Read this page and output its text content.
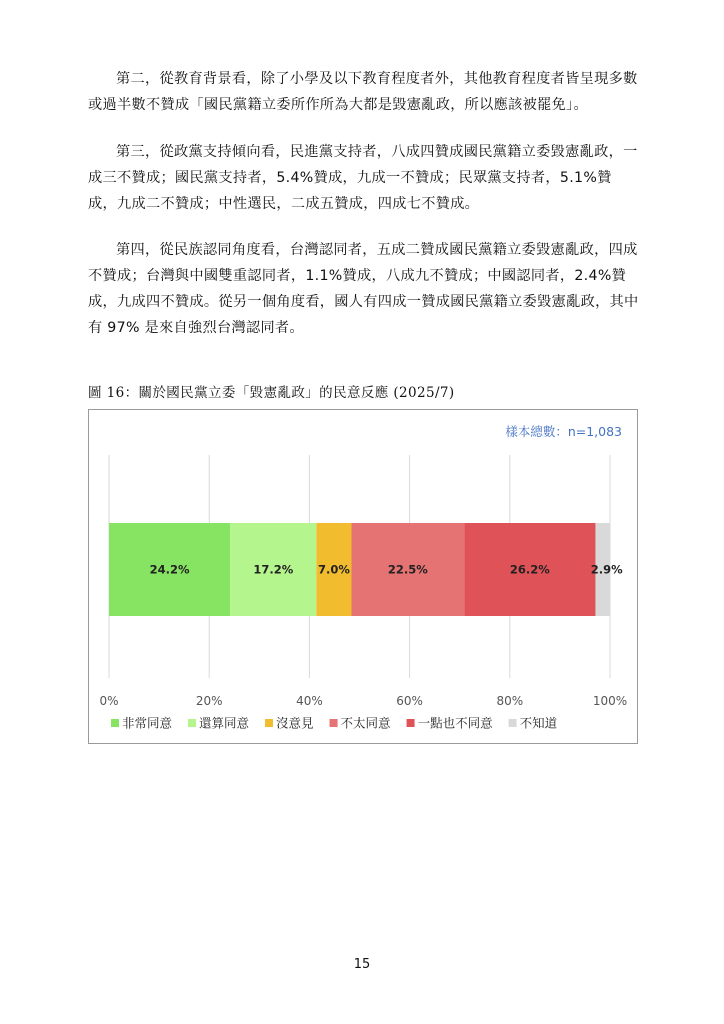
第二，從教育背景看，除了小學及以下教育程度者外，其他教育程度者皆呈現多數或過半數不贊成「國民黨籍立委所作所為大都是毀憲亂政，所以應該被罷免」。

第三，從政黨支持傾向看，民進黨支持者，八成四贊成國民黨籍立委毀憲亂政，一成三不贊成；國民黨支持者，5.4%贊成，九成一不贊成；民眾黨支持者，5.1%贊成，九成二不贊成；中性選民，二成五贊成，四成七不贊成。

第四，從民族認同角度看，台灣認同者，五成二贊成國民黨籍立委毀憲亂政，四成不贊成；台灣與中國雙重認同者，1.1%贊成，八成九不贊成；中國認同者，2.4%贊成，九成四不贊成。從另一個角度看，國人有四成一贊成國民黨籍立委毀憲亂政，其中有 97% 是來自強烈台灣認同者。

圖 16：關於國民黨立委「毀憲亂政」的民意反應 (2025/7)
24.2%	17.2% 7.0%	22.5%	26.2%	2.9%
0%	20%	40%	60%	80%	100%
非常同意 還算同意 沒意見 不太同意 一點也不同意 不知道
樣本總數：n=1,083
15
